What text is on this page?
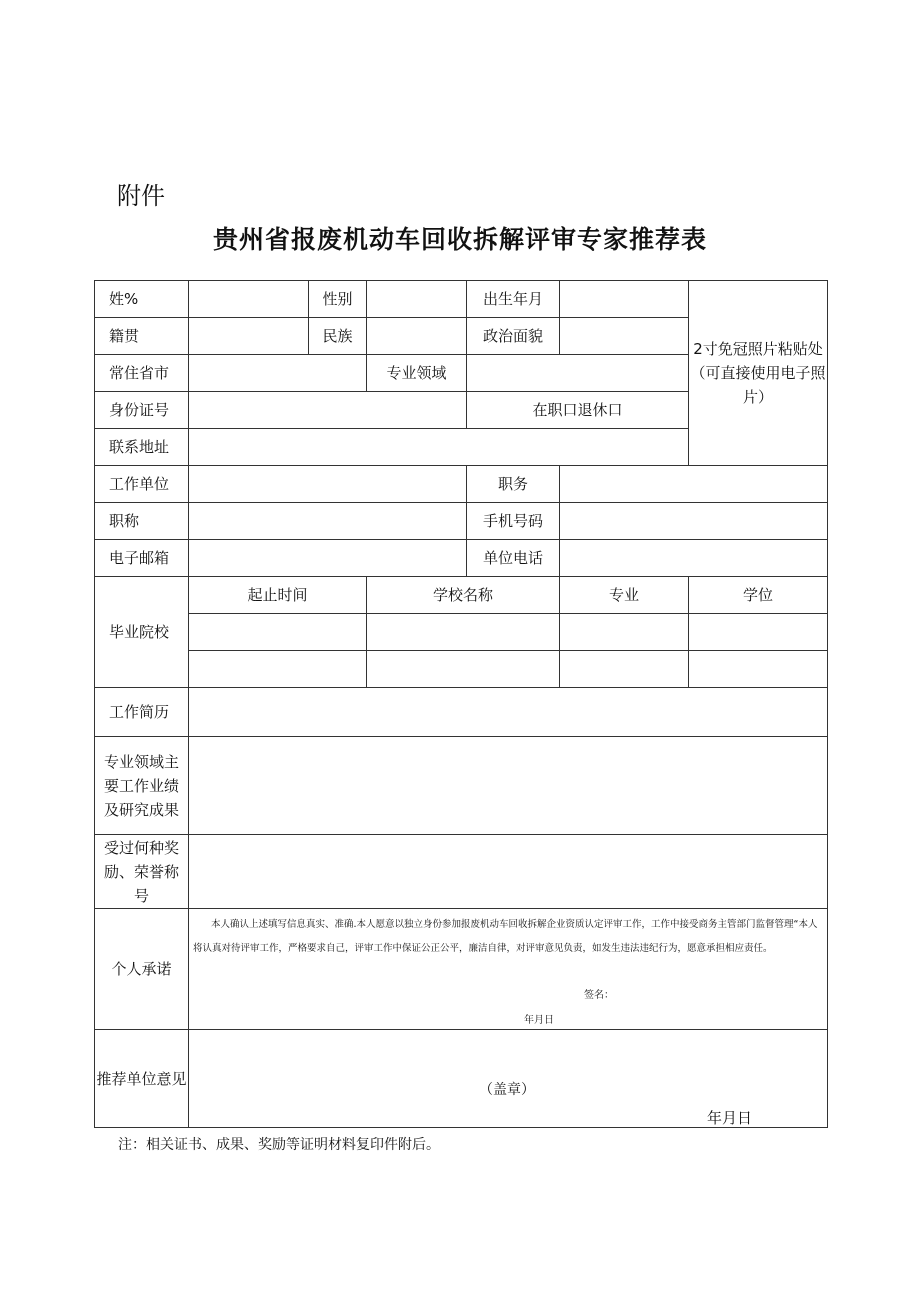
附件
贵州省报废机动车回收拆解评审专家推荐表
姓%		性别		出生年月		2寸免冠照片粘贴处（可直接使用电子照片）
籍贯		民族		政治面貌		
常住省市			专业领域			
身份证号				在职口退休口		
联系地址						
工作单位				职务		
职称				手机号码		
电子邮箱				单位电话		
毕业院校	起止时间		学校名称		专业	学位

工作简历						
专业领域主要工作业绩及研究成果						
受过何种奖励、荣誉称号						
个人承诺	本人确认上述填写信息真实、准确.本人愿意以独立身份参加报废机动车回收拆解企业资质认定评审工作，工作中接受商务主管部门监督管理“本人将认真对待评审工作，严格要求自己，评审工作中保证公正公平，廉洁自律，对评审意见负责，如发生违法违纪行为，愿意承担相应责任。
签名：
年月日					

推荐单位意见	（盖章）
年月日					
注：相关证书、成果、奖励等证明材料复印件附后。
